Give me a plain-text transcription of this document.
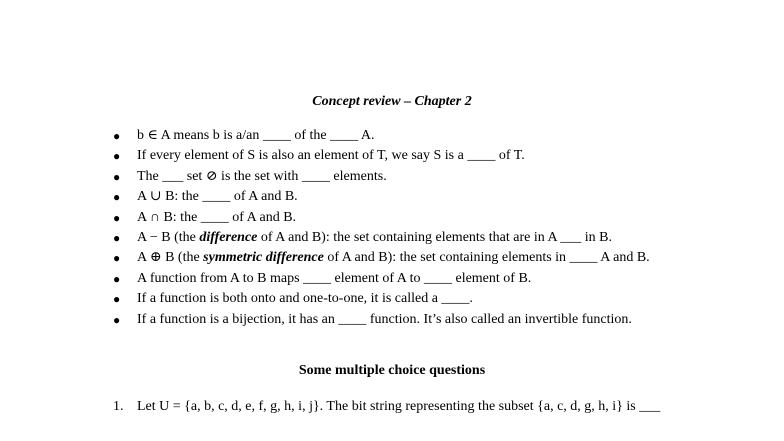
Concept review – Chapter 2
● b ∈ A means b is a/an ____ of the ____ A.
● If every element of S is also an element of T, we say S is a ____ of T.
● The ___ set ⊘ is the set with ____ elements.
● A ∪ B: the ____ of A and B.
● A ∩ B: the ____ of A and B.
● A − B (the difference of A and B): the set containing elements that are in A ___ in B.
● A ⊕ B (the symmetric difference of A and B): the set containing elements in ____ A and B.
● A function from A to B maps ____ element of A to ____ element of B.
● If a function is both onto and one-to-one, it is called a ____.
● If a function is a bijection, it has an ____ function. It’s also called an invertible function.
Some multiple choice questions
1. Let U = {a, b, c, d, e, f, g, h, i, j}. The bit string representing the subset {a, c, d, g, h, i} is ___
